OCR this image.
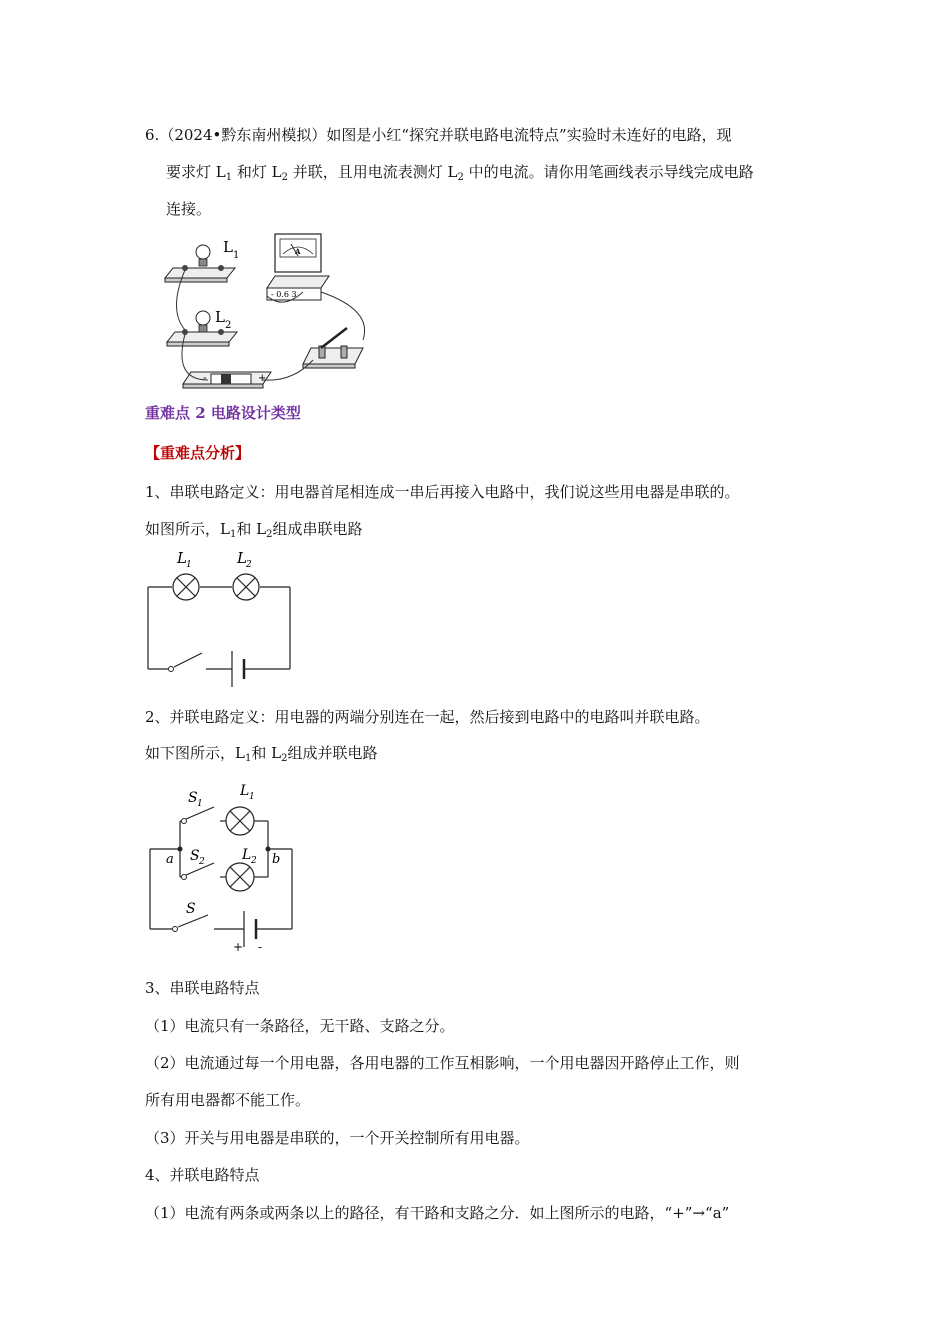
6.（2024•黔东南州模拟）如图是小红“探究并联电路电流特点”实验时未连好的电路，现
要求灯 $L_1$ 和灯 $L_2$ 并联，且用电流表测灯 $L_2$ 中的电流。请你用笔画线表示导线完成电路
连接。
L 1
L 2
A
- 0.6 3
-	+
重难点 2 电路设计类型
【重难点分析】
1、串联电路定义：用电器首尾相连成一串后再接入电路中，我们说这些用电器是串联的。
如图所示，$L_1$和 $L_2$组成串联电路
L 1	L 2
2、并联电路定义：用电器的两端分别连在一起，然后接到电路中的电路叫并联电路。
如下图所示，$L_1$和 $L_2$组成并联电路
S 1
L 1
S 2	L 2
a	b
S
+ -
3、串联电路特点
（1）电流只有一条路径，无干路、支路之分。
（2）电流通过每一个用电器，各用电器的工作互相影响，一个用电器因开路停止工作，则
所有用电器都不能工作。
（3）开关与用电器是串联的，一个开关控制所有用电器。
4、并联电路特点
（1）电流有两条或两条以上的路径，有干路和支路之分．如上图所示的电路，“+”→“a”
